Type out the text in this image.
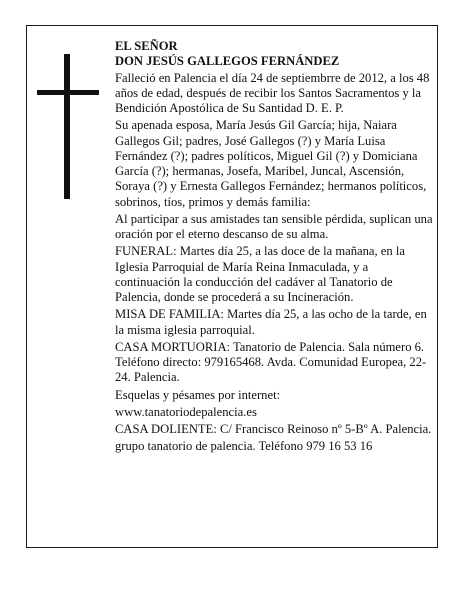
EL SEÑOR

DON JESÚS GALLEGOS FERNÁNDEZ

Falleció en Palencia el día 24 de septiembrre de 2012, a los 48 años de edad, después de recibir los Santos Sacramentos y la Bendición Apostólica de Su Santidad D. E. P.

Su apenada esposa, María Jesús Gil García; hija, Naiara Gallegos Gil; padres, José Gallegos (?) y María Luisa Fernández (?); padres políticos, Miguel Gil (?) y Domiciana García (?); hermanas, Josefa, Maribel, Juncal, Ascensión, Soraya (?) y Ernesta Gallegos Fernández; hermanos políticos, sobrinos, tíos, primos y demás familia:

Al participar a sus amistades tan sensible pérdida, suplican una oración por el eterno descanso de su alma.

FUNERAL: Martes día 25, a las doce de la mañana, en la Iglesia Parroquial de María Reina Inmaculada, y a continuación la conducción del cadáver al Tanatorio de Palencia, donde se procederá a su Incineración.

MISA DE FAMILIA: Martes día 25, a las ocho de la tarde, en la misma iglesia parroquial.

CASA MORTUORIA: Tanatorio de Palencia. Sala número 6. Teléfono directo: 979165468. Avda. Comunidad Europea, 22-24. Palencia.

Esquelas y pésames por internet:

www.tanatoriodepalencia.es

CASA DOLIENTE: C/ Francisco Reinoso nº 5-Bº A. Palencia.

grupo tanatorio de palencia. Teléfono 979 16 53 16
